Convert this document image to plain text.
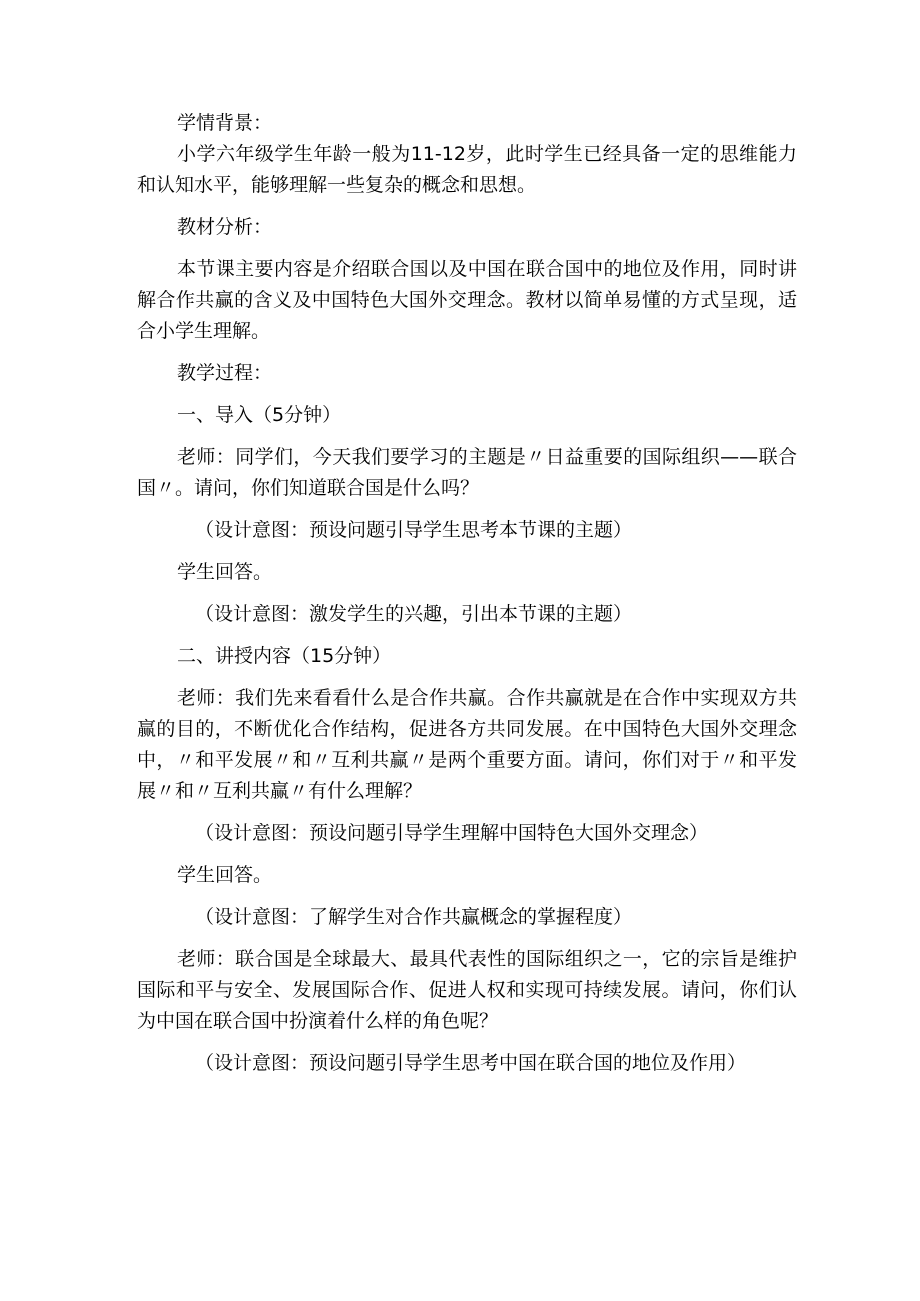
学情背景：

小学六年级学生年龄一般为11-12岁，此时学生已经具备一定的思维能力和认知水平，能够理解一些复杂的概念和思想。

教材分析：

本节课主要内容是介绍联合国以及中国在联合国中的地位及作用，同时讲解合作共赢的含义及中国特色大国外交理念。教材以简单易懂的方式呈现，适合小学生理解。

教学过程：

一、导入（5分钟）

老师：同学们，今天我们要学习的主题是〃日益重要的国际组织——联合国〃。请问，你们知道联合国是什么吗？

（设计意图：预设问题引导学生思考本节课的主题）

学生回答。

（设计意图：激发学生的兴趣，引出本节课的主题）

二、讲授内容（15分钟）

老师：我们先来看看什么是合作共赢。合作共赢就是在合作中实现双方共赢的目的，不断优化合作结构，促进各方共同发展。在中国特色大国外交理念中，〃和平发展〃和〃互利共赢〃是两个重要方面。请问，你们对于〃和平发展〃和〃互利共赢〃有什么理解？

（设计意图：预设问题引导学生理解中国特色大国外交理念）

学生回答。

（设计意图：了解学生对合作共赢概念的掌握程度）

老师：联合国是全球最大、最具代表性的国际组织之一，它的宗旨是维护国际和平与安全、发展国际合作、促进人权和实现可持续发展。请问，你们认为中国在联合国中扮演着什么样的角色呢？

（设计意图：预设问题引导学生思考中国在联合国的地位及作用）
